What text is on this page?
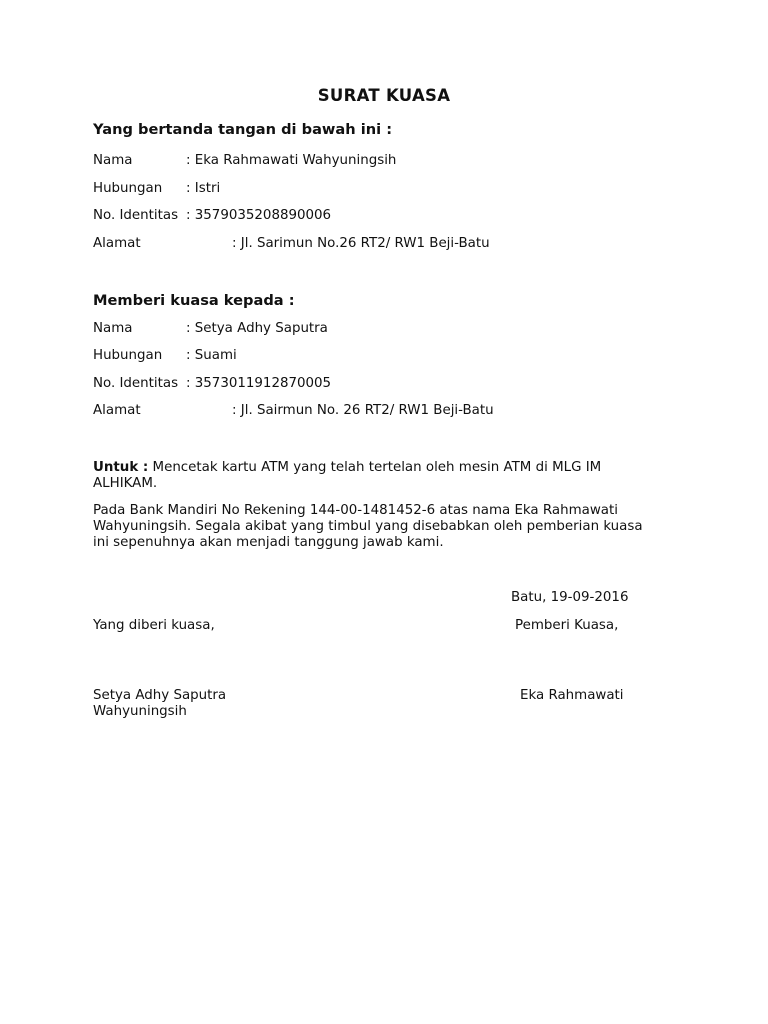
SURAT KUASA
Yang bertanda tangan di bawah ini :
Nama	: Eka Rahmawati Wahyuningsih
Hubungan : Istri
No. Identitas : 3579035208890006
Alamat	: Jl. Sarimun No.26 RT2/ RW1 Beji-Batu
Memberi kuasa kepada :
Nama	: Setya Adhy Saputra
Hubungan : Suami
No. Identitas : 3573011912870005
Alamat	: Jl. Sairmun No. 26 RT2/ RW1 Beji-Batu
Untuk : Mencetak kartu ATM yang telah tertelan oleh mesin ATM di MLG IM ALHIKAM.
Pada Bank Mandiri No Rekening 144-00-1481452-6 atas nama Eka Rahmawati Wahyuningsih. Segala akibat yang timbul yang disebabkan oleh pemberian kuasa ini sepenuhnya akan menjadi tanggung jawab kami.
Batu, 19-09-2016
Yang diberi kuasa,	Pemberi Kuasa,
Setya Adhy Saputra	Eka Rahmawati
Wahyuningsih
